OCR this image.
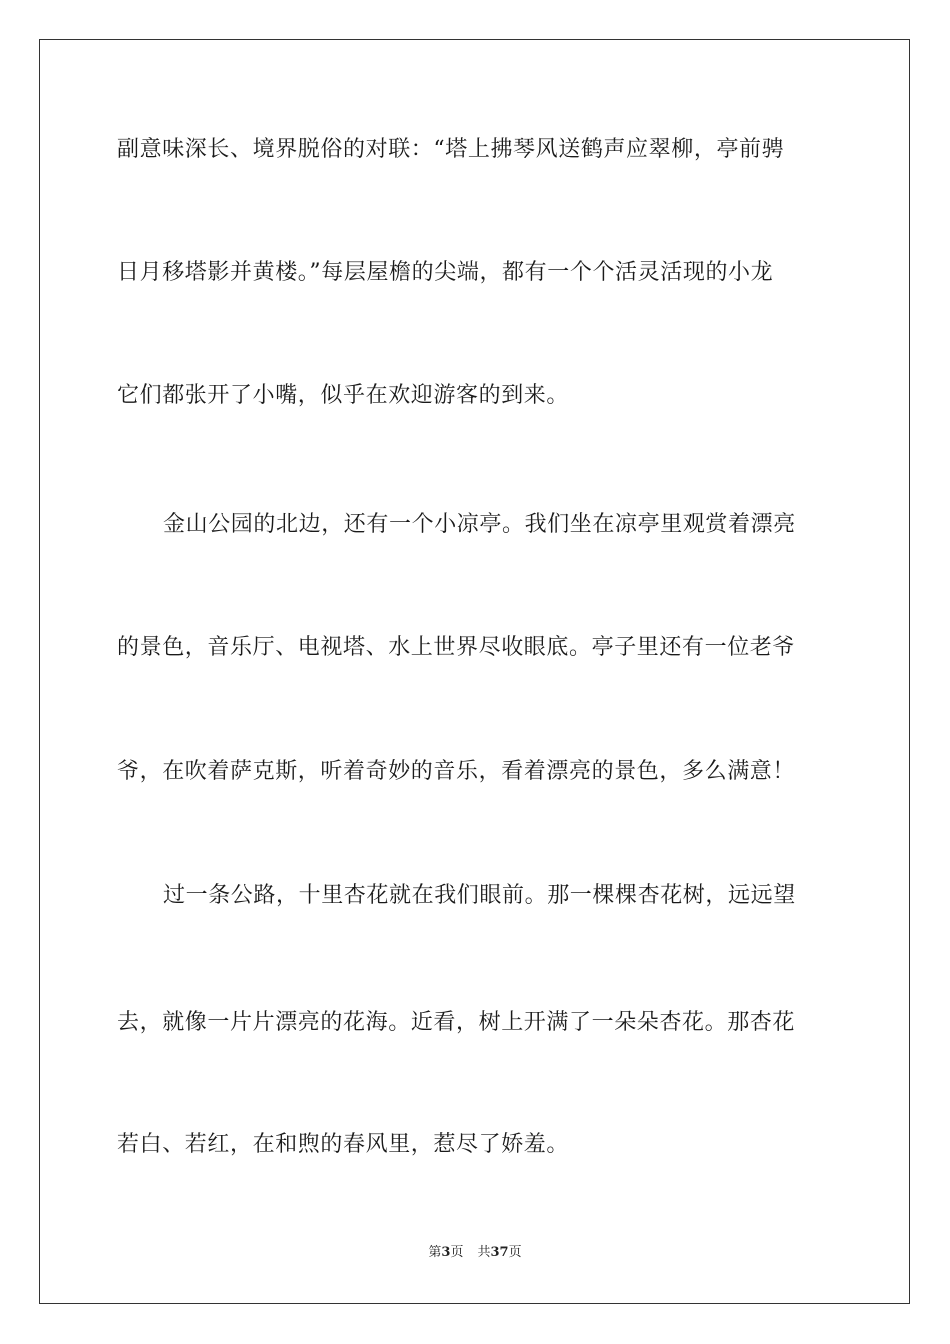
副意味深长、境界脱俗的对联：“塔上拂琴风送鹤声应翠柳，亭前骋
日月移塔影并黄楼。”每层屋檐的尖端，都有一个个活灵活现的小龙
它们都张开了小嘴，似乎在欢迎游客的到来。
金山公园的北边，还有一个小凉亭。我们坐在凉亭里观赏着漂亮
的景色，音乐厅、电视塔、水上世界尽收眼底。亭子里还有一位老爷
爷，在吹着萨克斯，听着奇妙的音乐，看着漂亮的景色，多么满意！
过一条公路，十里杏花就在我们眼前。那一棵棵杏花树，远远望
去，就像一片片漂亮的花海。近看，树上开满了一朵朵杏花。那杏花
若白、若红，在和煦的春风里，惹尽了娇羞。
第3页 共37页
